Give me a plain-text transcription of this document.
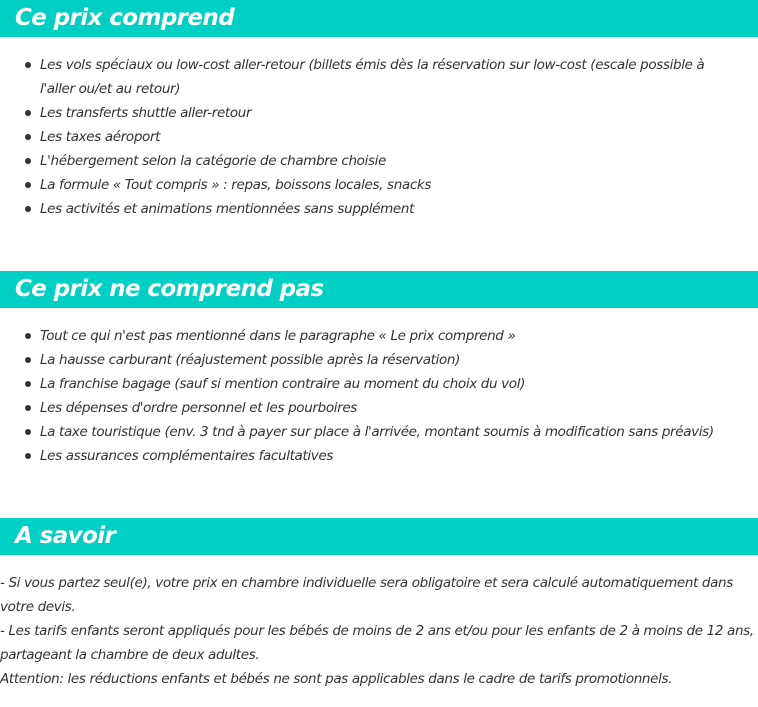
Ce prix comprend
Les vols spéciaux ou low-cost aller-retour (billets émis dès la réservation sur low-cost (escale possible à l'aller ou/et au retour)
Les transferts shuttle aller-retour
Les taxes aéroport
L'hébergement selon la catégorie de chambre choisie
La formule « Tout compris » : repas, boissons locales, snacks
Les activités et animations mentionnées sans supplément
Ce prix ne comprend pas
Tout ce qui n'est pas mentionné dans le paragraphe « Le prix comprend »
La hausse carburant (réajustement possible après la réservation)
La franchise bagage (sauf si mention contraire au moment du choix du vol)
Les dépenses d'ordre personnel et les pourboires
La taxe touristique (env. 3 tnd à payer sur place à l'arrivée, montant soumis à modification sans préavis)
Les assurances complémentaires facultatives
A savoir

- Si vous partez seul(e), votre prix en chambre individuelle sera obligatoire et sera calculé automatiquement dans votre devis.

- Les tarifs enfants seront appliqués pour les bébés de moins de 2 ans et/ou pour les enfants de 2 à moins de 12 ans, partageant la chambre de deux adultes.

Attention: les réductions enfants et bébés ne sont pas applicables dans le cadre de tarifs promotionnels.
